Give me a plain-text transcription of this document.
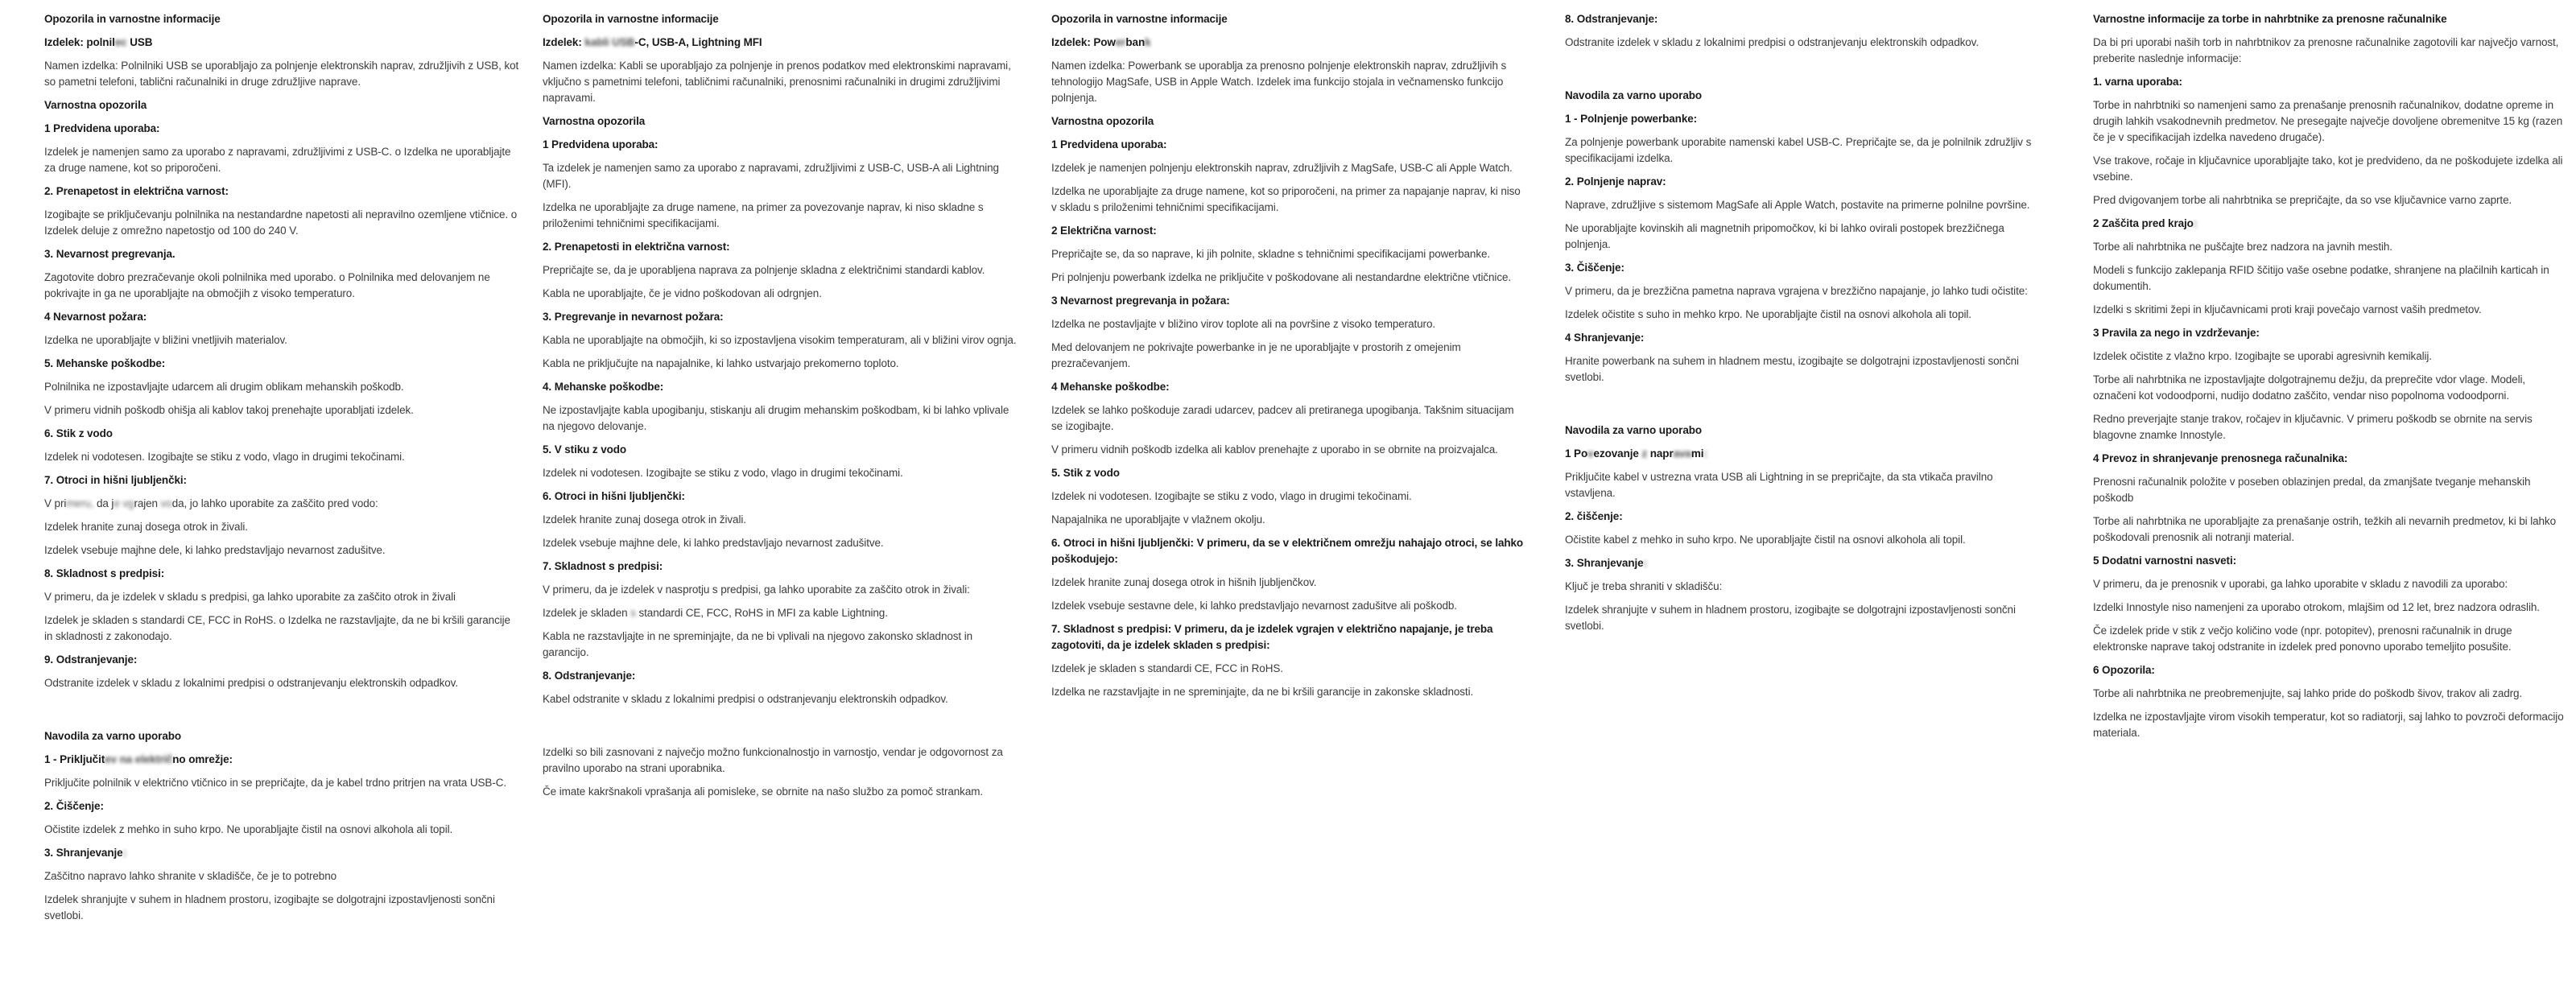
Opozorila in varnostne informacije
Izdelek: polnilec USB
Namen izdelka: Polnilniki USB se uporabljajo za polnjenje elektronskih naprav, združljivih z USB, kot so pametni telefoni, tablični računalniki in druge združljive naprave.
Varnostna opozorila
1 Predvidena uporaba:
Izdelek je namenjen samo za uporabo z napravami, združljivimi z USB-C. o Izdelka ne uporabljajte za druge namene, kot so priporočeni.
2. Prenapetost in električna varnost:
Izogibajte se priključevanju polnilnika na nestandardne napetosti ali nepravilno ozemljene vtičnice. o Izdelek deluje z omrežno napetostjo od 100 do 240 V.
3. Nevarnost pregrevanja.
Zagotovite dobro prezračevanje okoli polnilnika med uporabo. o Polnilnika med delovanjem ne pokrivajte in ga ne uporabljajte na območjih z visoko temperaturo.
4 Nevarnost požara:
Izdelka ne uporabljajte v bližini vnetljivih materialov.
5. Mehanske poškodbe:
Polnilnika ne izpostavljajte udarcem ali drugim oblikam mehanskih poškodb.
V primeru vidnih poškodb ohišja ali kablov takoj prenehajte uporabljati izdelek.
6. Stik z vodo
Izdelek ni vodotesen. Izogibajte se stiku z vodo, vlago in drugimi tekočinami.
7. Otroci in hišni ljubljenčki:
V primeru, da je vgrajen voda, jo lahko uporabite za zaščito pred vodo:
Izdelek hranite zunaj dosega otrok in živali.
Izdelek vsebuje majhne dele, ki lahko predstavljajo nevarnost zadušitve.
8. Skladnost s predpisi:
V primeru, da je izdelek v skladu s predpisi, ga lahko uporabite za zaščito otrok in živali
Izdelek je skladen s standardi CE, FCC in RoHS. o Izdelka ne razstavljajte, da ne bi kršili garancije in skladnosti z zakonodajo.
9. Odstranjevanje:
Odstranite izdelek v skladu z lokalnimi predpisi o odstranjevanju elektronskih odpadkov.
Navodila za varno uporabo
1 - Priključitev na električno omrežje:
Priključite polnilnik v električno vtičnico in se prepričajte, da je kabel trdno pritrjen na vrata USB-C.
2. Čiščenje:
Očistite izdelek z mehko in suho krpo. Ne uporabljajte čistil na osnovi alkohola ali topil.
3. Shranjevanje:
Zaščitno napravo lahko shranite v skladišče, če je to potrebno
Izdelek shranjujte v suhem in hladnem prostoru, izogibajte se dolgotrajni izpostavljenosti sončni svetlobi.
Opozorila in varnostne informacije
Izdelek: kabli USB-C, USB-A, Lightning MFI
Namen izdelka: Kabli se uporabljajo za polnjenje in prenos podatkov med elektronskimi napravami, vključno s pametnimi telefoni, tabličnimi računalniki, prenosnimi računalniki in drugimi združljivimi napravami.
Varnostna opozorila
1 Predvidena uporaba:
Ta izdelek je namenjen samo za uporabo z napravami, združljivimi z USB-C, USB-A ali Lightning (MFI).
Izdelka ne uporabljajte za druge namene, na primer za povezovanje naprav, ki niso skladne s priloženimi tehničnimi specifikacijami.
2. Prenapetosti in električna varnost:
Prepričajte se, da je uporabljena naprava za polnjenje skladna z električnimi standardi kablov.
Kabla ne uporabljajte, če je vidno poškodovan ali odrgnjen.
3. Pregrevanje in nevarnost požara:
Kabla ne uporabljajte na območjih, ki so izpostavljena visokim temperaturam, ali v bližini virov ognja.
Kabla ne priključujte na napajalnike, ki lahko ustvarjajo prekomerno toploto.
4. Mehanske poškodbe:
Ne izpostavljajte kabla upogibanju, stiskanju ali drugim mehanskim poškodbam, ki bi lahko vplivale na njegovo delovanje.
5. V stiku z vodo
Izdelek ni vodotesen. Izogibajte se stiku z vodo, vlago in drugimi tekočinami.
6. Otroci in hišni ljubljenčki:
Izdelek hranite zunaj dosega otrok in živali.
Izdelek vsebuje majhne dele, ki lahko predstavljajo nevarnost zadušitve.
7. Skladnost s predpisi:
V primeru, da je izdelek v nasprotju s predpisi, ga lahko uporabite za zaščito otrok in živali:
Izdelek je skladen s standardi CE, FCC, RoHS in MFI za kable Lightning.
Kabla ne razstavljajte in ne spreminjajte, da ne bi vplivali na njegovo zakonsko skladnost in garancijo.
8. Odstranjevanje:
Kabel odstranite v skladu z lokalnimi predpisi o odstranjevanju elektronskih odpadkov.
Izdelki so bili zasnovani z največjo možno funkcionalnostjo in varnostjo, vendar je odgovornost za pravilno uporabo na strani uporabnika.
Če imate kakršnakoli vprašanja ali pomisleke, se obrnite na našo službo za pomoč strankam.
Opozorila in varnostne informacije
Izdelek: Powerbank
Namen izdelka: Powerbank se uporablja za prenosno polnjenje elektronskih naprav, združljivih s tehnologijo MagSafe, USB in Apple Watch. Izdelek ima funkcijo stojala in večnamensko funkcijo polnjenja.
Varnostna opozorila
1 Predvidena uporaba:
Izdelek je namenjen polnjenju elektronskih naprav, združljivih z MagSafe, USB-C ali Apple Watch.
Izdelka ne uporabljajte za druge namene, kot so priporočeni, na primer za napajanje naprav, ki niso v skladu s priloženimi tehničnimi specifikacijami.
2 Električna varnost:
Prepričajte se, da so naprave, ki jih polnite, skladne s tehničnimi specifikacijami powerbanke.
Pri polnjenju powerbank izdelka ne priključite v poškodovane ali nestandardne električne vtičnice.
3 Nevarnost pregrevanja in požara:
Izdelka ne postavljajte v bližino virov toplote ali na površine z visoko temperaturo.
Med delovanjem ne pokrivajte powerbanke in je ne uporabljajte v prostorih z omejenim prezračevanjem.
4 Mehanske poškodbe:
Izdelek se lahko poškoduje zaradi udarcev, padcev ali pretiranega upogibanja. Takšnim situacijam se izogibajte.
V primeru vidnih poškodb izdelka ali kablov prenehajte z uporabo in se obrnite na proizvajalca.
5. Stik z vodo
Izdelek ni vodotesen. Izogibajte se stiku z vodo, vlago in drugimi tekočinami.
Napajalnika ne uporabljajte v vlažnem okolju.
6. Otroci in hišni ljubljenčki: V primeru, da se v električnem omrežju nahajajo otroci, se lahko poškodujejo:
Izdelek hranite zunaj dosega otrok in hišnih ljubljenčkov.
Izdelek vsebuje sestavne dele, ki lahko predstavljajo nevarnost zadušitve ali poškodb.
7. Skladnost s predpisi: V primeru, da je izdelek vgrajen v električno napajanje, je treba zagotoviti, da je izdelek skladen s predpisi:
Izdelek je skladen s standardi CE, FCC in RoHS.
Izdelka ne razstavljajte in ne spreminjajte, da ne bi kršili garancije in zakonske skladnosti.
8. Odstranjevanje:
Odstranite izdelek v skladu z lokalnimi predpisi o odstranjevanju elektronskih odpadkov.
Navodila za varno uporabo
1 - Polnjenje powerbanke:
Za polnjenje powerbank uporabite namenski kabel USB-C. Prepričajte se, da je polnilnik združljiv s specifikacijami izdelka.
2. Polnjenje naprav:
Naprave, združljive s sistemom MagSafe ali Apple Watch, postavite na primerne polnilne površine.
Ne uporabljajte kovinskih ali magnetnih pripomočkov, ki bi lahko ovirali postopek brezžičnega polnjenja.
3. Čiščenje:
V primeru, da je brezžična pametna naprava vgrajena v brezžično napajanje, jo lahko tudi očistite:
Izdelek očistite s suho in mehko krpo. Ne uporabljajte čistil na osnovi alkohola ali topil.
4 Shranjevanje:
Hranite powerbank na suhem in hladnem mestu, izogibajte se dolgotrajni izpostavljenosti sončni svetlobi.
Navodila za varno uporabo
1 Povezovanje z napravami:
Priključite kabel v ustrezna vrata USB ali Lightning in se prepričajte, da sta vtikača pravilno vstavljena.
2. čiščenje:
Očistite kabel z mehko in suho krpo. Ne uporabljajte čistil na osnovi alkohola ali topil.
3. Shranjevanje:
Ključ je treba shraniti v skladišču:
Izdelek shranjujte v suhem in hladnem prostoru, izogibajte se dolgotrajni izpostavljenosti sončni svetlobi.
Varnostne informacije za torbe in nahrbtnike za prenosne računalnike
Da bi pri uporabi naših torb in nahrbtnikov za prenosne računalnike zagotovili kar največjo varnost, preberite naslednje informacije:
1. varna uporaba:
Torbe in nahrbtniki so namenjeni samo za prenašanje prenosnih računalnikov, dodatne opreme in drugih lahkih vsakodnevnih predmetov. Ne presegajte največje dovoljene obremenitve 15 kg (razen če je v specifikacijah izdelka navedeno drugače).
Vse trakove, ročaje in ključavnice uporabljajte tako, kot je predvideno, da ne poškodujete izdelka ali vsebine.
Pred dvigovanjem torbe ali nahrbtnika se prepričajte, da so vse ključavnice varno zaprte.
2 Zaščita pred krajo:
Torbe ali nahrbtnika ne puščajte brez nadzora na javnih mestih.
Modeli s funkcijo zaklepanja RFID ščitijo vaše osebne podatke, shranjene na plačilnih karticah in dokumentih.
Izdelki s skritimi žepi in ključavnicami proti kraji povečajo varnost vaših predmetov.
3 Pravila za nego in vzdrževanje:
Izdelek očistite z vlažno krpo. Izogibajte se uporabi agresivnih kemikalij.
Torbe ali nahrbtnika ne izpostavljajte dolgotrajnemu dežju, da preprečite vdor vlage. Modeli, označeni kot vodoodporni, nudijo dodatno zaščito, vendar niso popolnoma vodoodporni.
Redno preverjajte stanje trakov, ročajev in ključavnic. V primeru poškodb se obrnite na servis blagovne znamke Innostyle.
4 Prevoz in shranjevanje prenosnega računalnika:
Prenosni računalnik položite v poseben oblazinjen predal, da zmanjšate tveganje mehanskih poškodb
Torbe ali nahrbtnika ne uporabljajte za prenašanje ostrih, težkih ali nevarnih predmetov, ki bi lahko poškodovali prenosnik ali notranji material.
5 Dodatni varnostni nasveti:
V primeru, da je prenosnik v uporabi, ga lahko uporabite v skladu z navodili za uporabo:
Izdelki Innostyle niso namenjeni za uporabo otrokom, mlajšim od 12 let, brez nadzora odraslih.
Če izdelek pride v stik z večjo količino vode (npr. potopitev), prenosni računalnik in druge elektronske naprave takoj odstranite in izdelek pred ponovno uporabo temeljito posušite.
6 Opozorila:
Torbe ali nahrbtnika ne preobremenjujte, saj lahko pride do poškodb šivov, trakov ali zadrg.
Izdelka ne izpostavljajte virom visokih temperatur, kot so radiatorji, saj lahko to povzroči deformacijo materiala.
